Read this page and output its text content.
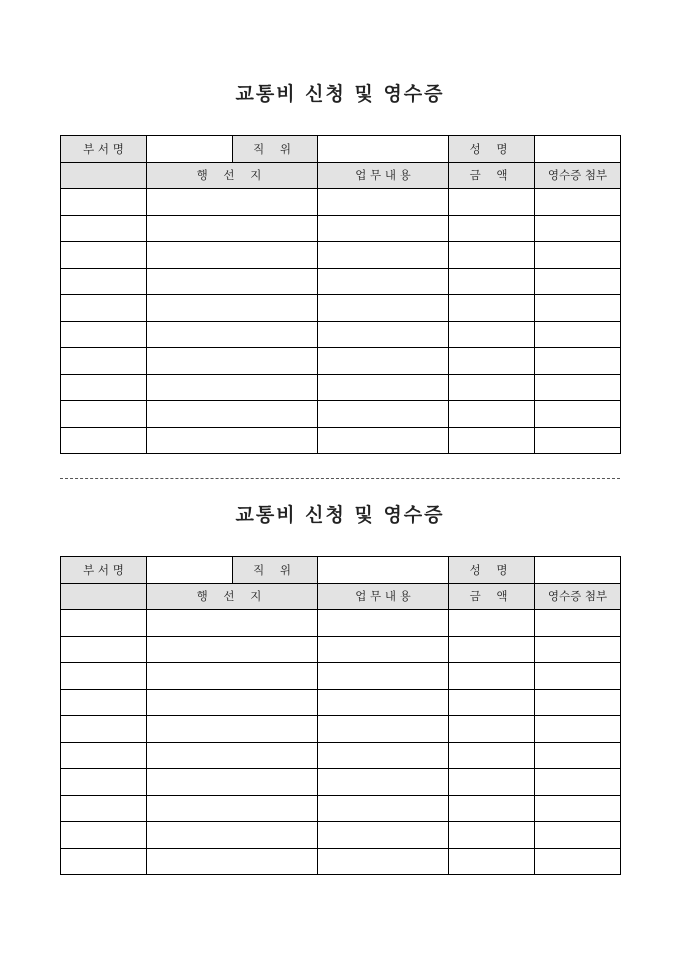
교통비 신청 및 영수증
부 서 명		직 위		성 명	
	행 선 지		업 무 내 용	금 액	영수증 첨부

교통비 신청 및 영수증
부 서 명		직 위		성 명	
	행 선 지		업 무 내 용	금 액	영수증 첨부
